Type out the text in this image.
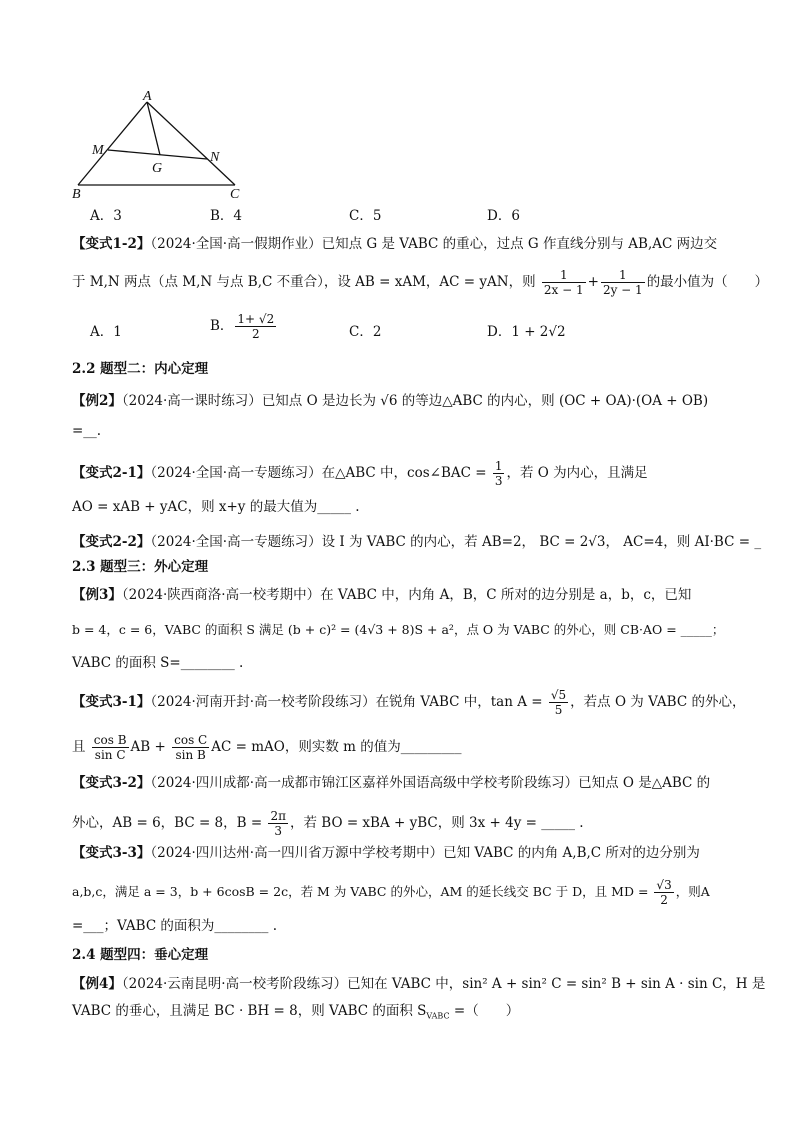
A
B	C
M	N
G
A．3	B．4	C．5	D．6
【变式1-2】（2024·全国·高一假期作业）已知点 G 是 VABC 的重心，过点 G 作直线分别与 AB,AC 两边交
于 M,N 两点（点 M,N 与点 B,C 不重合），设 AB = xAM，AC = yAN，则 $\frac{1}{2x - 1} + \frac{1}{2y - 1}$ 的最小值为（　　）
A．1	B． $\frac{1+ √2}{2}$	C．2	D．1 + 2√2
2.2 题型二：内心定理
【例2】（2024·高一课时练习）已知点 O 是边长为 √6 的等边△ABC 的内心，则 (OC + OA)·(OA + OB)
=__.
【变式2-1】（2024·全国·高一专题练习）在△ABC 中，cos∠BAC = $\frac{1}{3}$ ，若 O 为内心，且满足
AO = xAB + yAC，则 x+y 的最大值为_____ .
【变式2-2】（2024·全国·高一专题练习）设 I 为 VABC 的内心，若 AB=2， BC = 2√3， AC=4，则 AI·BC = _
2.3 题型三：外心定理
【例3】（2024·陕西商洛·高一校考期中）在 VABC 中，内角 A，B，C 所对的边分别是 a，b，c，已知
b = 4，c = 6，VABC 的面积 S 满足 (b + c)² = (4√3 + 8)S + a²，点 O 为 VABC 的外心，则 CB·AO = _____；
VABC 的面积 S=________ .
【变式3-1】（2024·河南开封·高一校考阶段练习）在锐角 VABC 中，$\tan A = \frac{√5}{5}$ ，若点 O 为 VABC 的外心，
且 $\frac{\text{cos B}}{\text{sin C}}$ AB + $\frac{\text{cos C}}{\text{sin B}}$ AC = mAO，则实数 m 的值为_________
【变式3-2】（2024·四川成都·高一成都市锦江区嘉祥外国语高级中学校考阶段练习）已知点 O 是△ABC 的
外心，AB = 6，BC = 8，$B = \frac{2\pi}{3}$ ，若 BO = xBA + yBC，则 3x + 4y = _____ .
【变式3-3】（2024·四川达州·高一四川省万源中学校考期中）已知 VABC 的内角 A,B,C 所对的边分别为
a,b,c，满足 a = 3，b + 6cosB = 2c，若 M 为 VABC 的外心，AM 的延长线交 BC 于 D，且 MD = $\frac{√3}{2}$ ，则A
=___；VABC 的面积为________ .
2.4 题型四：垂心定理
【例4】（2024·云南昆明·高一校考阶段练习）已知在 VABC 中，sin² A + sin² C = sin² B + sin A · sin C，H 是
VABC 的垂心，且满足 BC · BH = 8，则 VABC 的面积 $S_{VABC}$ =（　　）
